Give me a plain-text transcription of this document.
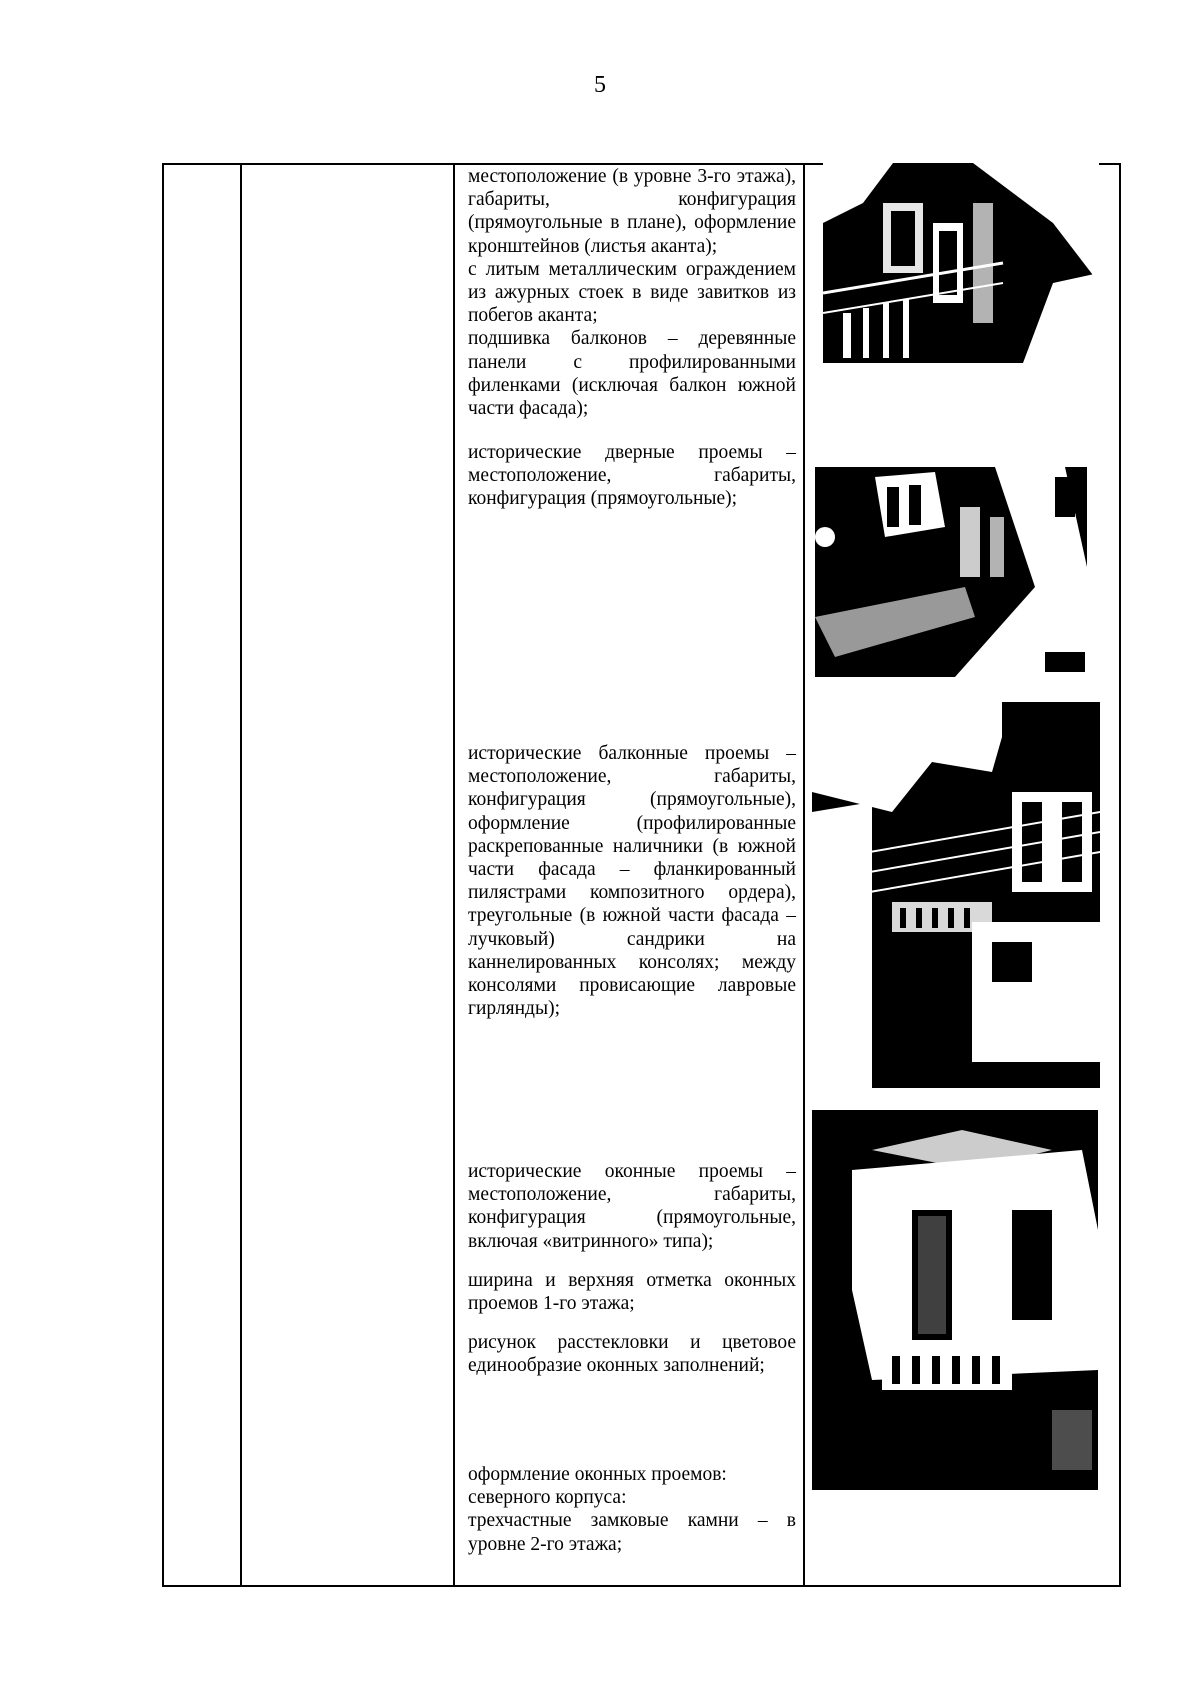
5

местоположение (в уровне 3-го этажа), габариты, конфигурация (прямоугольные в плане), оформление кронштейнов (листья аканта);

с литым металлическим ограждением из ажурных стоек в виде завитков из побегов аканта;

подшивка балконов – деревянные панели с профилированными филенками (исключая балкон южной части фасада);

исторические дверные проемы – местоположение, габариты, конфигурация (прямоугольные);

исторические балконные проемы – местоположение, габариты, конфигурация (прямоугольные), оформление (профилированные раскрепованные наличники (в южной части фасада – фланкированный пилястрами композитного ордера), треугольные (в южной части фасада – лучковый) сандрики на каннелированных консолях; между консолями провисающие лавровые гирлянды);

исторические оконные проемы – местоположение, габариты, конфигурация (прямоугольные, включая «витринного» типа);

ширина и верхняя отметка оконных проемов 1-го этажа;

рисунок расстекловки и цветовое единообразие оконных заполнений;

оформление оконных проемов:

северного корпуса:

трехчастные замковые камни – в уровне 2-го этажа;
